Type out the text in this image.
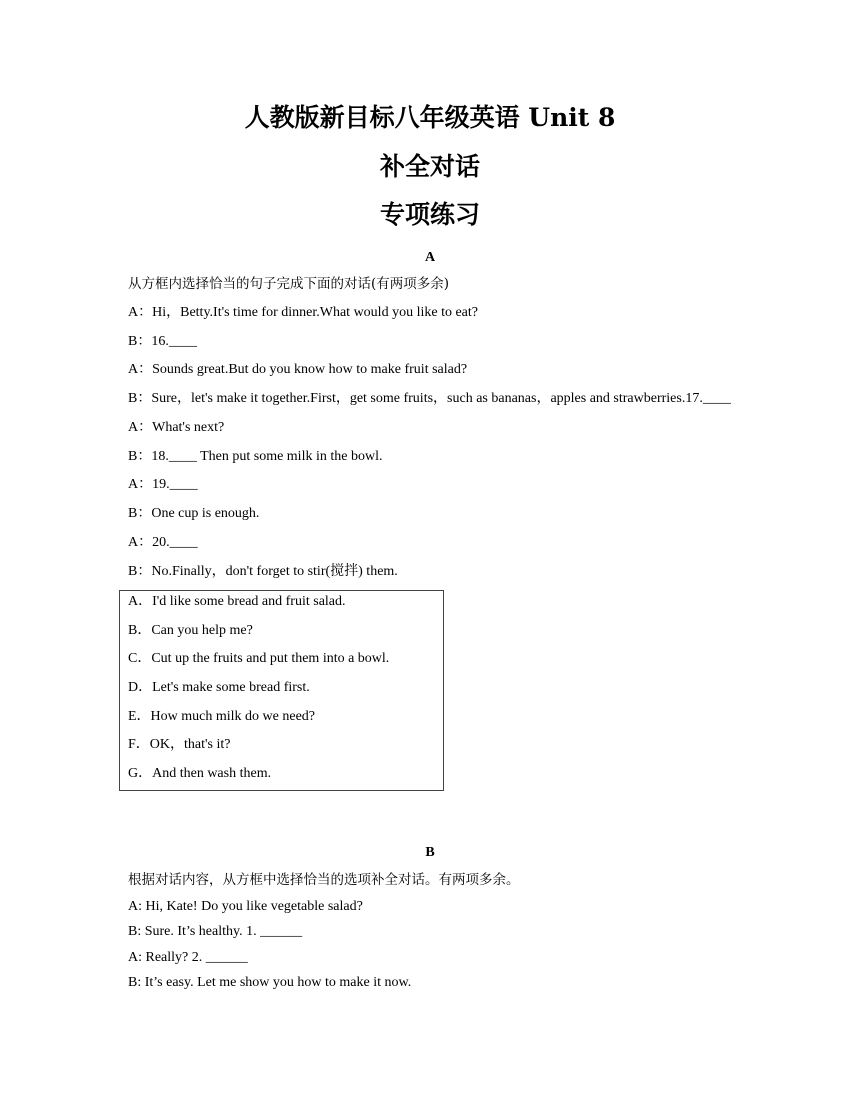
人教版新目标八年级英语 Unit 8
补全对话
专项练习

A

从方框内选择恰当的句子完成下面的对话(有两项多余)

A：Hi，Betty.It's time for dinner.What would you like to eat?

B：16.____

A：Sounds great.But do you know how to make fruit salad?

B：Sure，let's make it together.First，get some fruits，such as bananas，apples and strawberries.17.____

A：What's next?

B：18.____ Then put some milk in the bowl.

A：19.____

B：One cup is enough.

A：20.____

B：No.Finally，don't forget to stir(搅拌) them.

A．I'd like some bread and fruit salad.

B．Can you help me?

C．Cut up the fruits and put them into a bowl.

D．Let's make some bread first.

E．How much milk do we need?

F．OK，that's it?

G．And then wash them.

B

根据对话内容，从方框中选择恰当的选项补全对话。有两项多余。

A: Hi, Kate! Do you like vegetable salad?

B: Sure. It’s healthy. 1. ______

A: Really? 2. ______

B: It’s easy. Let me show you how to make it now.
